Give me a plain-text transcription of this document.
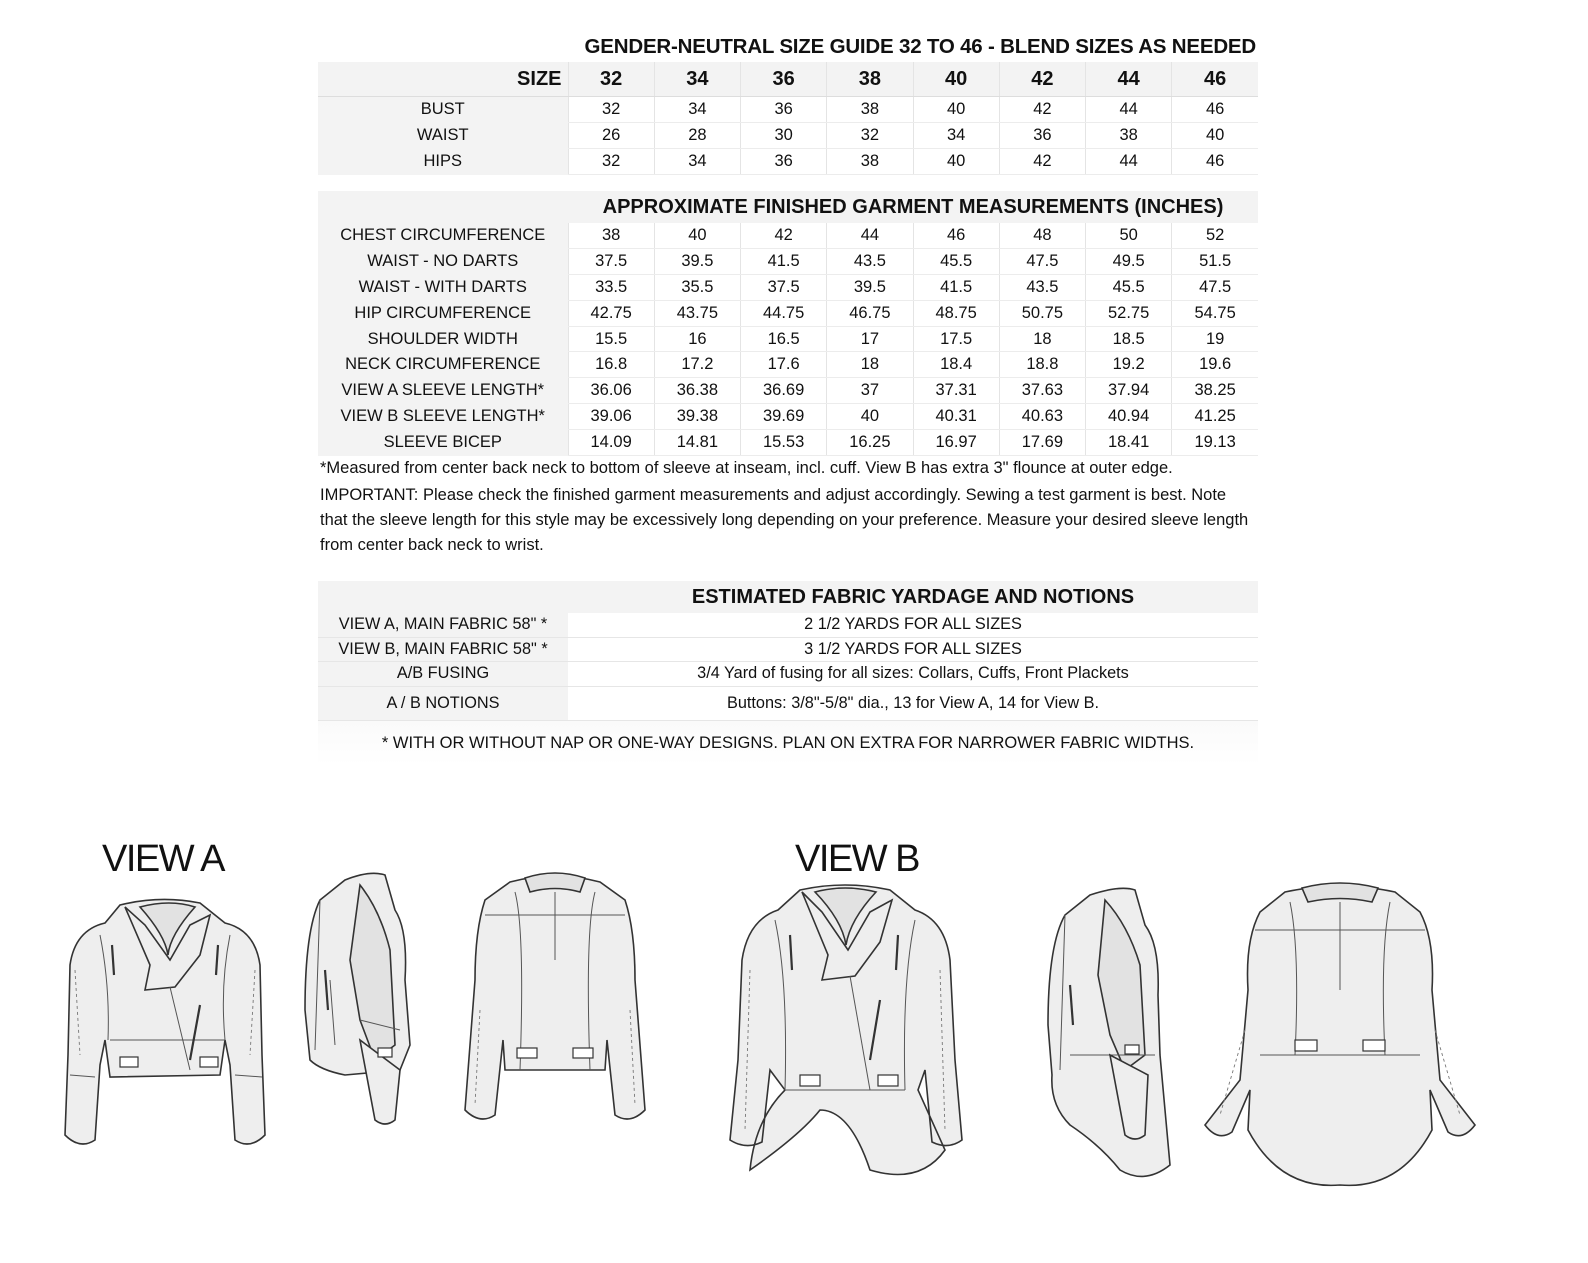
GENDER-NEUTRAL SIZE GUIDE 32 TO 46 - BLEND SIZES AS NEEDED
SIZE	32	34	36	38	40	42	44	46
BUST	32	34	36	38	40	42	44	46
WAIST	26	28	30	32	34	36	38	40
HIPS	32	34	36	38	40	42	44	46
	APPROXIMATE FINISHED GARMENT MEASUREMENTS (INCHES)							
CHEST CIRCUMFERENCE	38	40	42	44	46	48	50	52
WAIST - NO DARTS	37.5	39.5	41.5	43.5	45.5	47.5	49.5	51.5
WAIST - WITH DARTS	33.5	35.5	37.5	39.5	41.5	43.5	45.5	47.5
HIP CIRCUMFERENCE	42.75	43.75	44.75	46.75	48.75	50.75	52.75	54.75
SHOULDER WIDTH	15.5	16	16.5	17	17.5	18	18.5	19
NECK CIRCUMFERENCE	16.8	17.2	17.6	18	18.4	18.8	19.2	19.6
VIEW A SLEEVE LENGTH*	36.06	36.38	36.69	37	37.31	37.63	37.94	38.25
VIEW B SLEEVE LENGTH*	39.06	39.38	39.69	40	40.31	40.63	40.94	41.25
SLEEVE BICEP	14.09	14.81	15.53	16.25	16.97	17.69	18.41	19.13

*Measured from center back neck to bottom of sleeve at inseam, incl. cuff. View B has extra 3" flounce at outer edge.

IMPORTANT: Please check the finished garment measurements and adjust accordingly. Sewing a test garment is best. Note that the sleeve length for this style may be excessively long depending on your preference. Measure your desired sleeve length from center back neck to wrist.

	ESTIMATED FABRIC YARDAGE AND NOTIONS
VIEW A, MAIN FABRIC 58" *	2 1/2 YARDS FOR ALL SIZES
VIEW B, MAIN FABRIC 58" *	3 1/2 YARDS FOR ALL SIZES
A/B FUSING	3/4 Yard of fusing for all sizes: Collars, Cuffs, Front Plackets
A / B NOTIONS	Buttons: 3/8"-5/8" dia., 13 for View A, 14 for View B.
* WITH OR WITHOUT NAP OR ONE-WAY DESIGNS. PLAN ON EXTRA FOR NARROWER FABRIC WIDTHS.
VIEW A	VIEW B
